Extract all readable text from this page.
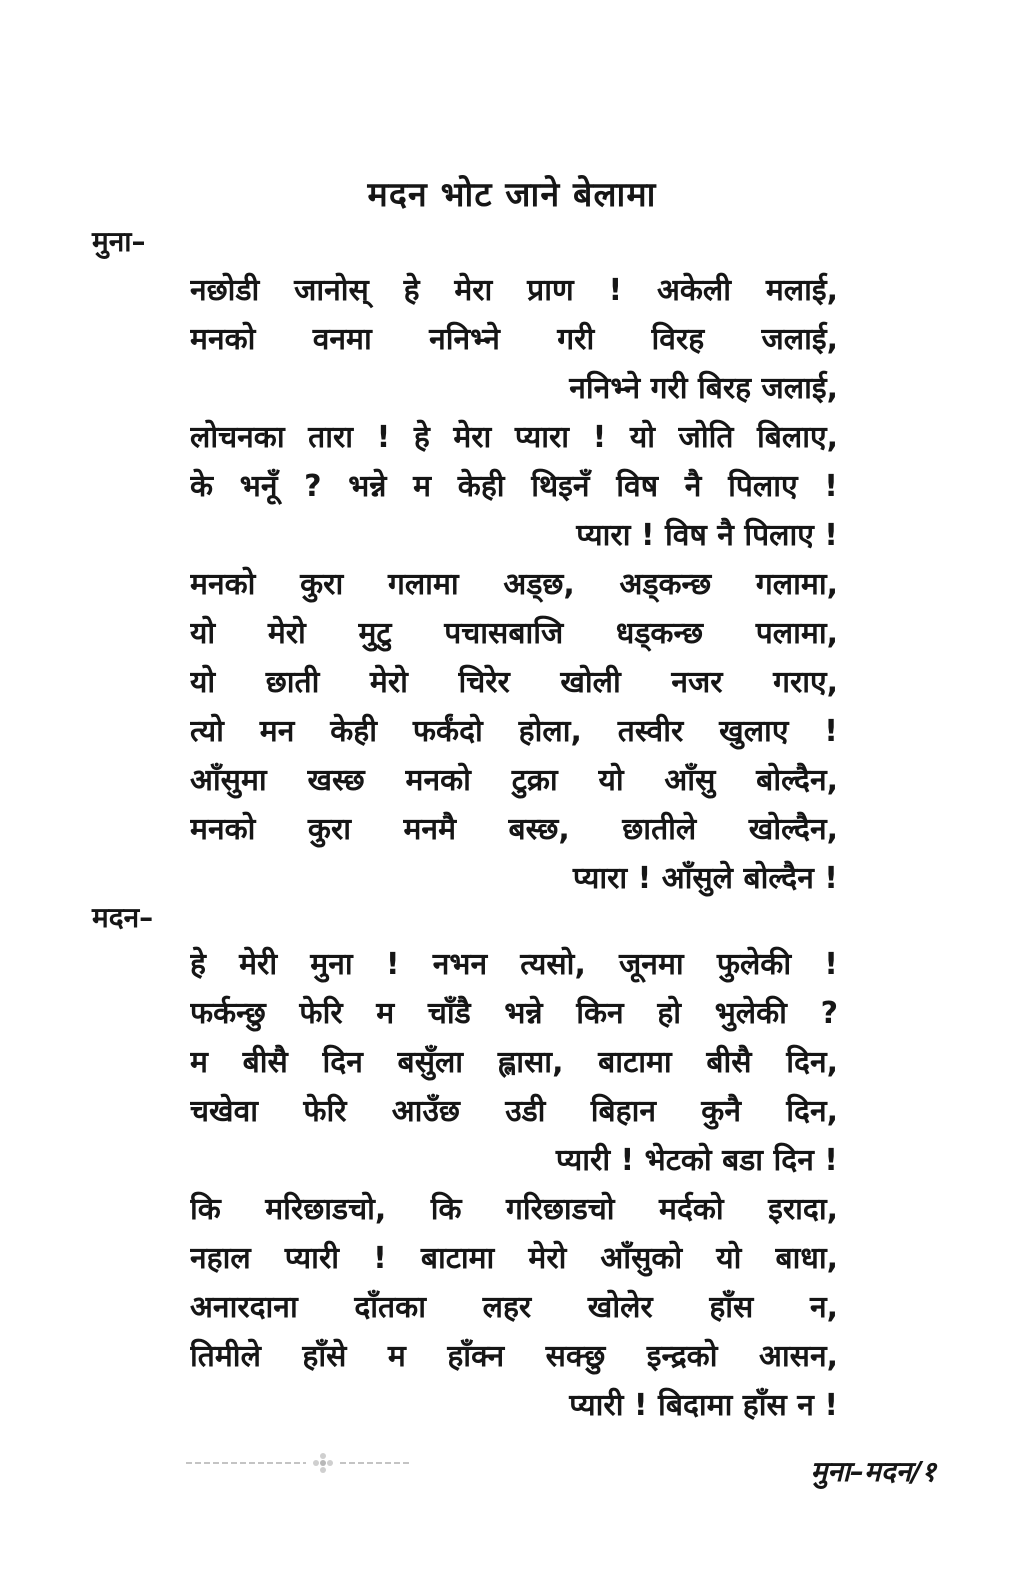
मदन भोट जाने बेलामा
मुना–
नछोडी जानोस् हे मेरा प्राण ! अकेली मलाई,
मनको वनमा ननिभ्ने गरी विरह जलाई,
ननिभ्ने गरी बिरह जलाई,
लोचनका तारा ! हे मेरा प्यारा ! यो जोति बिलाए,
के भनूँ ? भन्ने म केही थिइनँ विष नै पिलाए !
प्यारा ! विष नै पिलाए !
मनको कुरा गलामा अड्छ, अड्कन्छ गलामा,
यो मेरो मुटु पचासबाजि धड्कन्छ पलामा,
यो छाती मेरो चिरेर खोली नजर गराए,
त्यो मन केही फर्कंदो होला, तस्वीर खुलाए !
आँसुमा खस्छ मनको टुक्रा यो आँसु बोल्दैन,
मनको कुरा मनमै बस्छ, छातीले खोल्दैन,
प्यारा ! आँसुले बोल्दैन !
मदन–
हे मेरी मुना ! नभन त्यसो, जूनमा फुलेकी !
फर्कन्छु फेरि म चाँडै भन्ने किन हो भुलेकी ?
म बीसै दिन बसुँला ह्लासा, बाटामा बीसै दिन,
चखेवा फेरि आउँछ उडी बिहान कुनै दिन,
प्यारी ! भेटको बडा दिन !
कि मरिछाडचो, कि गरिछाडचो मर्दको इरादा,
नहाल प्यारी ! बाटामा मेरो आँसुको यो बाधा,
अनारदाना दाँतका लहर खोलेर हाँस न,
तिमीले हाँसे म हाँक्न सक्छु इन्द्रको आसन,
प्यारी ! बिदामा हाँस न !
मुना–मदन/१
